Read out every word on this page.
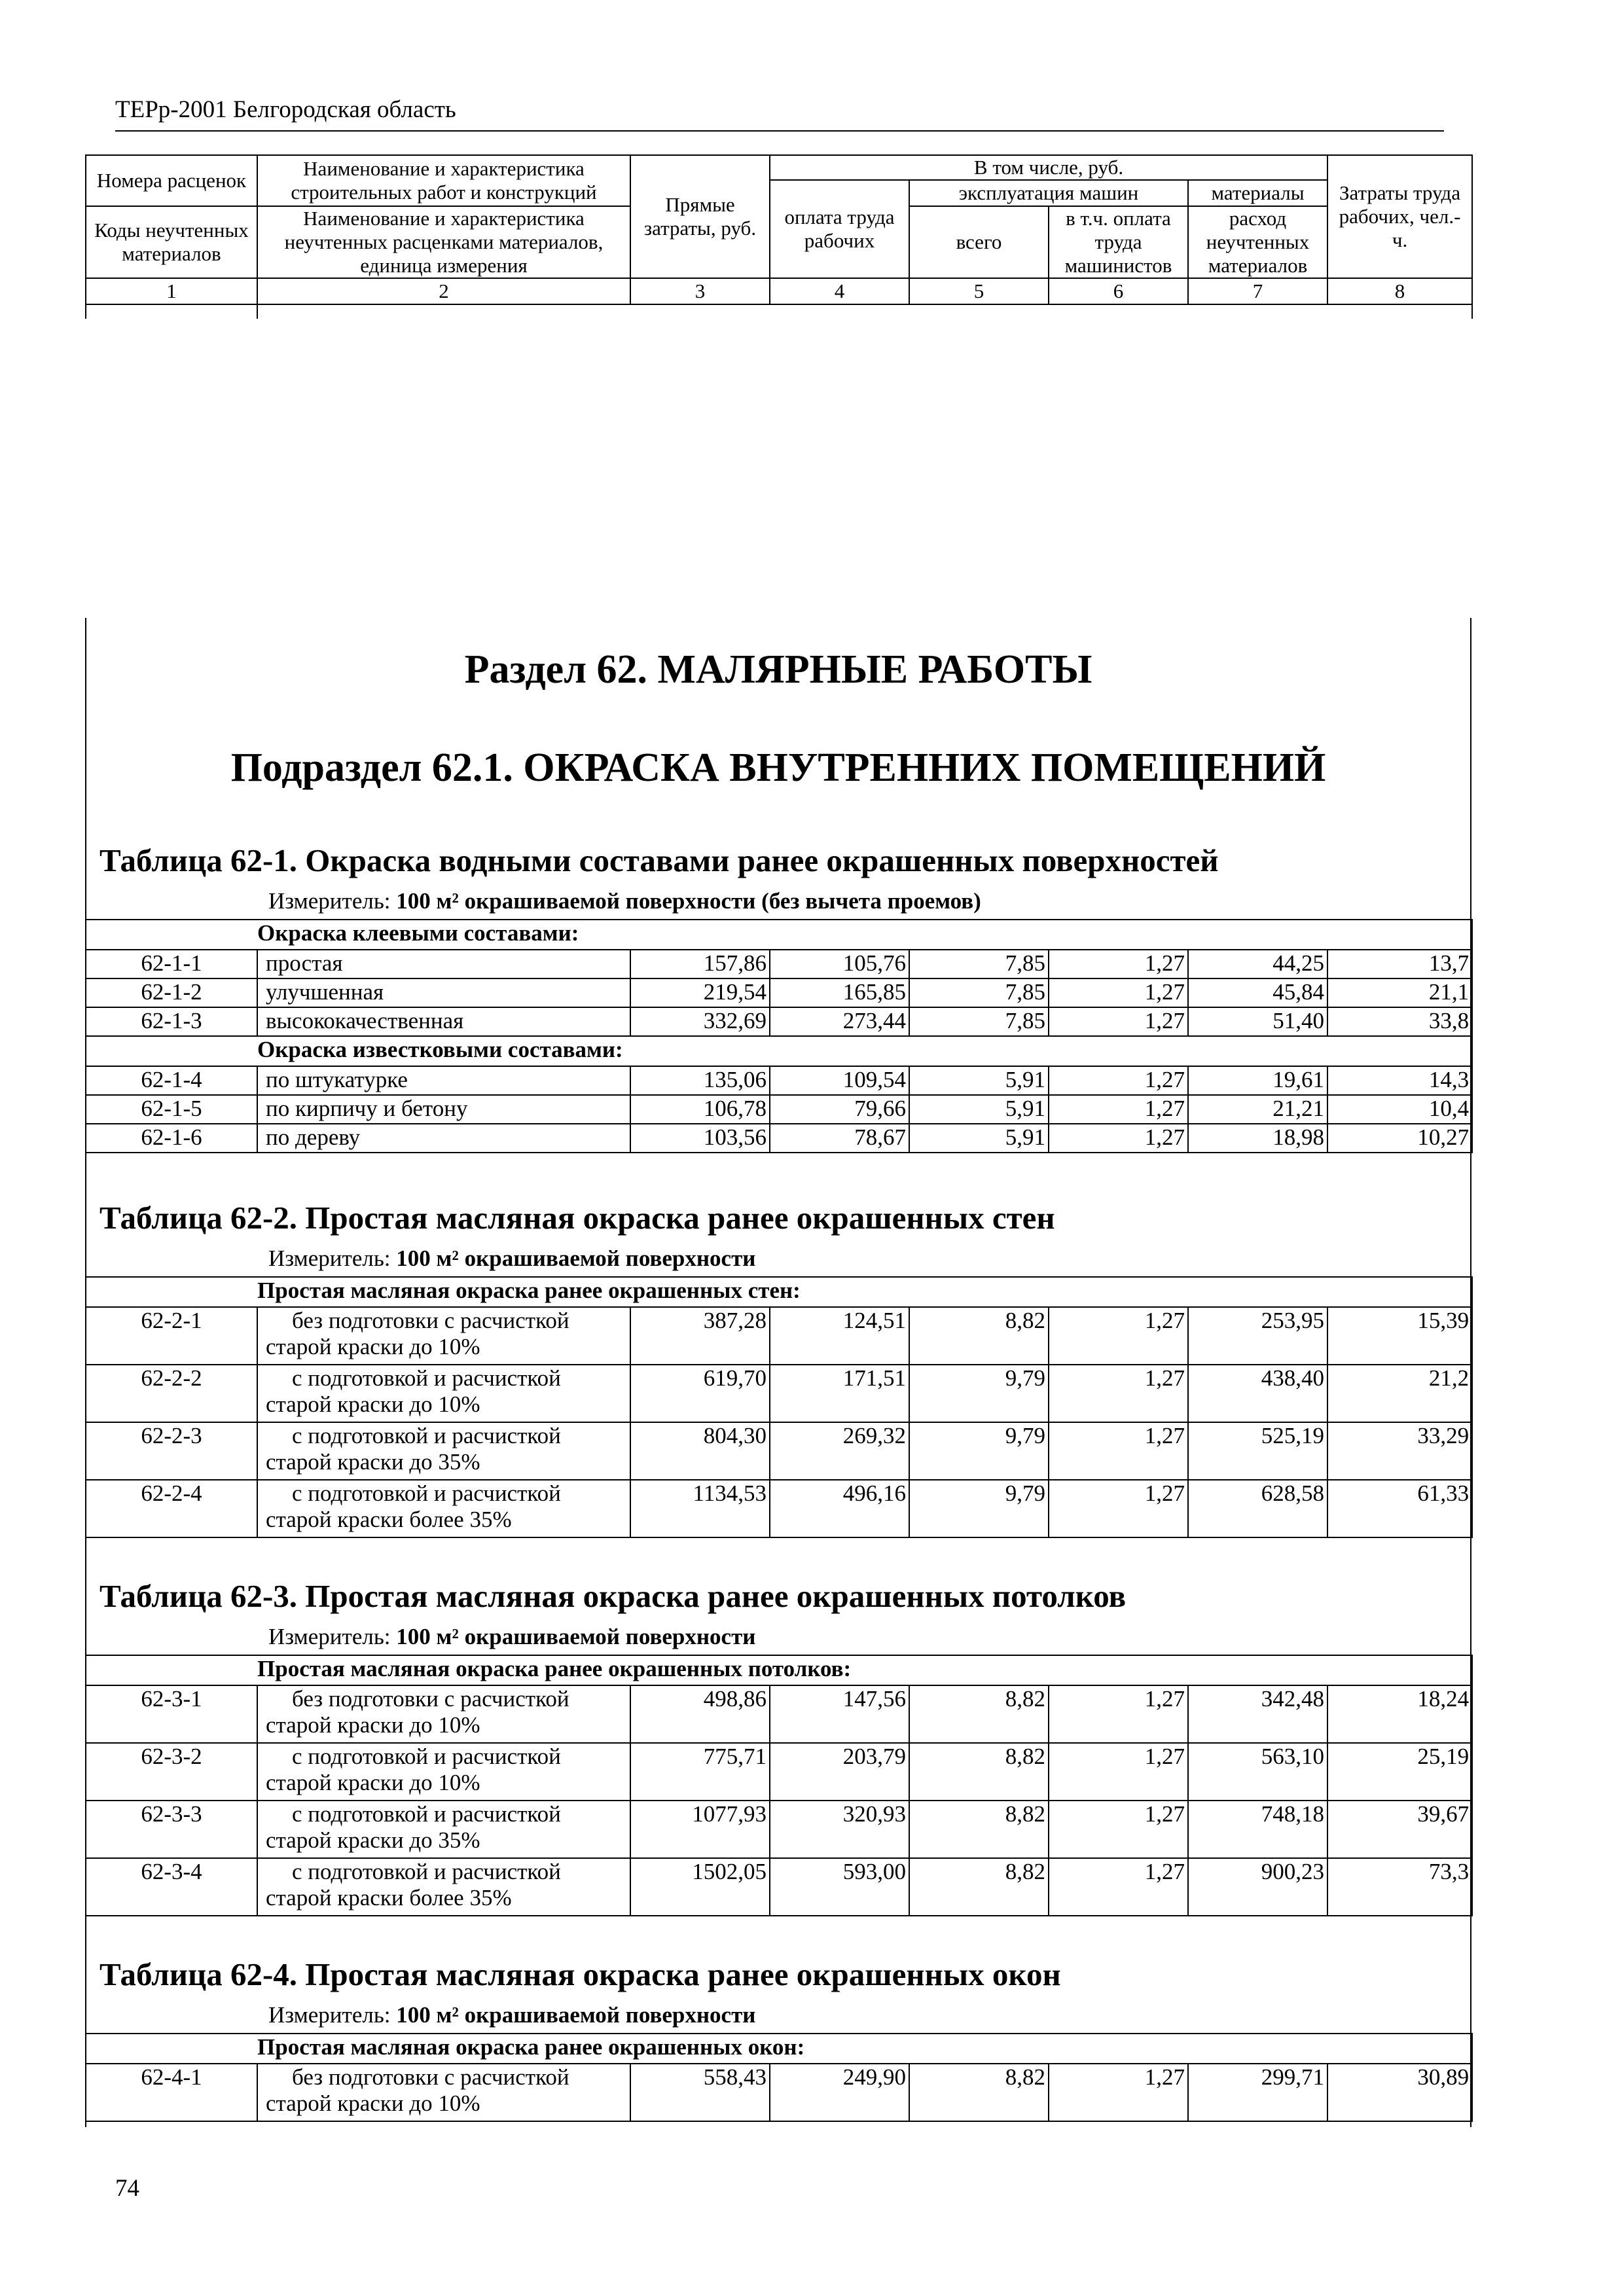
ТЕРр-2001 Белгородская область
Номера расценок	Наименование и характеристика строительных работ и конструкций	Прямые затраты, руб.	В том числе, руб.				Затраты труда рабочих, чел.-ч.
			оплата труда рабочих	эксплуатация машин		материалы	
Коды неучтенных материалов	Наименование и характеристика неучтенных расценками материалов, единица измерения			всего	в т.ч. оплата труда машинистов	расход неучтенных материалов	

1	2	3	4	5	6	7	8

Раздел 62. МАЛЯРНЫЕ РАБОТЫ
Подраздел 62.1. ОКРАСКА ВНУТРЕННИХ ПОМЕЩЕНИЙ
Таблица 62-1. Окраска водными составами ранее окрашенных поверхностей
Измеритель: 100 м² окрашиваемой поверхности (без вычета проемов)
	Окраска клеевыми составами:						
62-1-1	простая	157,86	105,76	7,85	1,27	44,25	13,7
62-1-2	улучшенная	219,54	165,85	7,85	1,27	45,84	21,1
62-1-3	высококачественная	332,69	273,44	7,85	1,27	51,40	33,8
	Окраска известковыми составами:						
62-1-4	по штукатурке	135,06	109,54	5,91	1,27	19,61	14,3
62-1-5	по кирпичу и бетону	106,78	79,66	5,91	1,27	21,21	10,4
62-1-6	по дереву	103,56	78,67	5,91	1,27	18,98	10,27
Таблица 62-2. Простая масляная окраска ранее окрашенных стен
Измеритель: 100 м² окрашиваемой поверхности
	Простая масляная окраска ранее окрашенных стен:						
62-2-1	без подготовки с расчисткой
старой краски до 10%	387,28	124,51	8,82	1,27	253,95	15,39
62-2-2	с подготовкой и расчисткой
старой краски до 10%	619,70	171,51	9,79	1,27	438,40	21,2
62-2-3	с подготовкой и расчисткой
старой краски до 35%	804,30	269,32	9,79	1,27	525,19	33,29
62-2-4	с подготовкой и расчисткой
старой краски более 35%	1134,53	496,16	9,79	1,27	628,58	61,33
Таблица 62-3. Простая масляная окраска ранее окрашенных потолков
Измеритель: 100 м² окрашиваемой поверхности
	Простая масляная окраска ранее окрашенных потолков:						
62-3-1	без подготовки с расчисткой
старой краски до 10%	498,86	147,56	8,82	1,27	342,48	18,24
62-3-2	с подготовкой и расчисткой
старой краски до 10%	775,71	203,79	8,82	1,27	563,10	25,19
62-3-3	с подготовкой и расчисткой
старой краски до 35%	1077,93	320,93	8,82	1,27	748,18	39,67
62-3-4	с подготовкой и расчисткой
старой краски более 35%	1502,05	593,00	8,82	1,27	900,23	73,3
Таблица 62-4. Простая масляная окраска ранее окрашенных окон
Измеритель: 100 м² окрашиваемой поверхности
	Простая масляная окраска ранее окрашенных окон:						
62-4-1	без подготовки с расчисткой
старой краски до 10%	558,43	249,90	8,82	1,27	299,71	30,89
74
